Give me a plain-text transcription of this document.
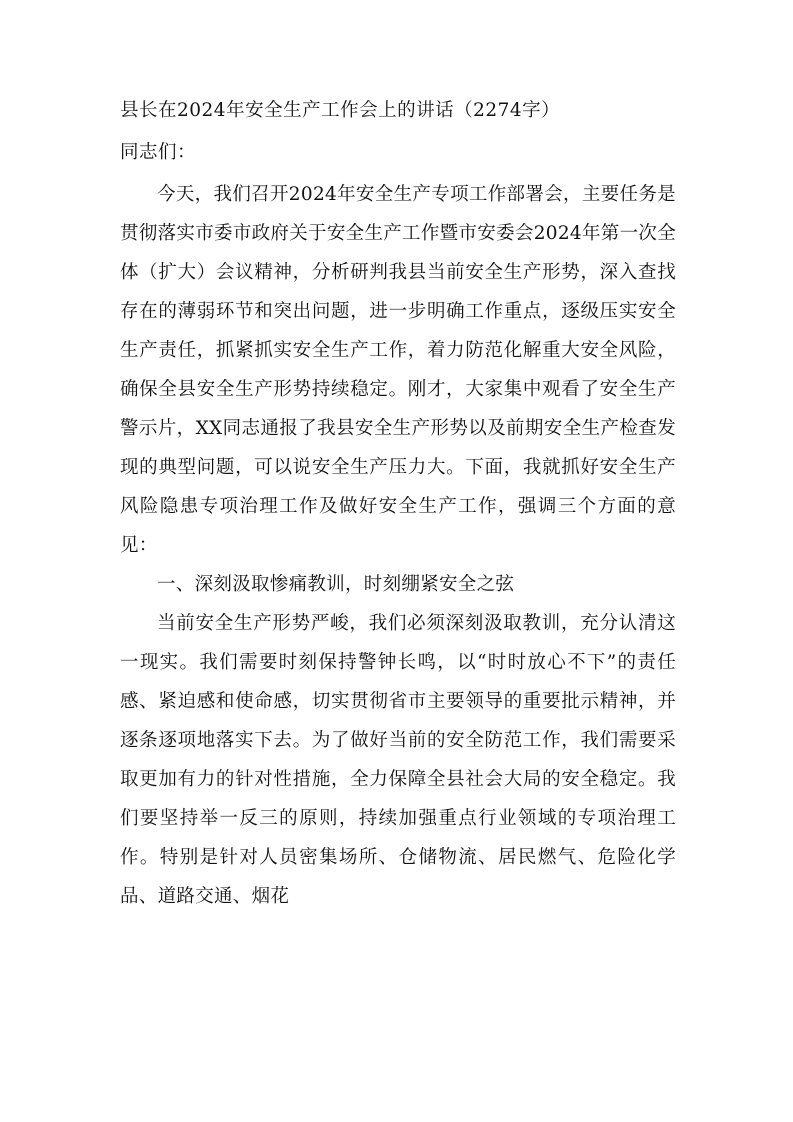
县长在2024年安全生产工作会上的讲话（2274字）

同志们：

今天，我们召开2024年安全生产专项工作部署会，主要任务是贯彻落实市委市政府关于安全生产工作暨市安委会2024年第一次全体（扩大）会议精神，分析研判我县当前安全生产形势，深入查找存在的薄弱环节和突出问题，进一步明确工作重点，逐级压实安全生产责任，抓紧抓实安全生产工作，着力防范化解重大安全风险，确保全县安全生产形势持续稳定。刚才，大家集中观看了安全生产警示片，XX同志通报了我县安全生产形势以及前期安全生产检查发现的典型问题，可以说安全生产压力大。下面，我就抓好安全生产风险隐患专项治理工作及做好安全生产工作，强调三个方面的意见：

一、深刻汲取惨痛教训，时刻绷紧安全之弦

当前安全生产形势严峻，我们必须深刻汲取教训，充分认清这一现实。我们需要时刻保持警钟长鸣，以“时时放心不下”的责任感、紧迫感和使命感，切实贯彻省市主要领导的重要批示精神，并逐条逐项地落实下去。为了做好当前的安全防范工作，我们需要采取更加有力的针对性措施，全力保障全县社会大局的安全稳定。我们要坚持举一反三的原则，持续加强重点行业领域的专项治理工作。特别是针对人员密集场所、仓储物流、居民燃气、危险化学品、道路交通、烟花
